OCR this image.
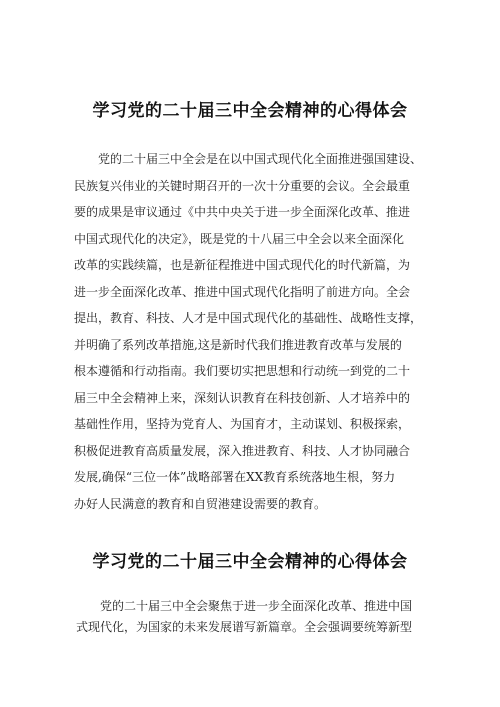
学习党的二十届三中全会精神的心得体会
　　党的二十届三中全会是在以中国式现代化全面推进强国建设、
民族复兴伟业的关键时期召开的一次十分重要的会议。全会最重
要的成果是审议通过《中共中央关于进一步全面深化改革、推进
中国式现代化的决定》，既是党的十八届三中全会以来全面深化
改革的实践续篇，也是新征程推进中国式现代化的时代新篇，为
进一步全面深化改革、推进中国式现代化指明了前进方向。全会
提出，教育、科技、人才是中国式现代化的基础性、战略性支撑，
并明确了系列改革措施,这是新时代我们推进教育改革与发展的
根本遵循和行动指南。我们要切实把思想和行动统一到党的二十
届三中全会精神上来，深刻认识教育在科技创新、人才培养中的
基础性作用，坚持为党育人、为国育才，主动谋划、积极探索，
积极促进教育高质量发展，深入推进教育、科技、人才协同融合
发展,确保“三位一体”战略部署在XX教育系统落地生根，努力
办好人民满意的教育和自贸港建设需要的教育。
学习党的二十届三中全会精神的心得体会
　　党的二十届三中全会聚焦于进一步全面深化改革、推进中国
式现代化，为国家的未来发展谱写新篇章。全会强调要统筹新型
